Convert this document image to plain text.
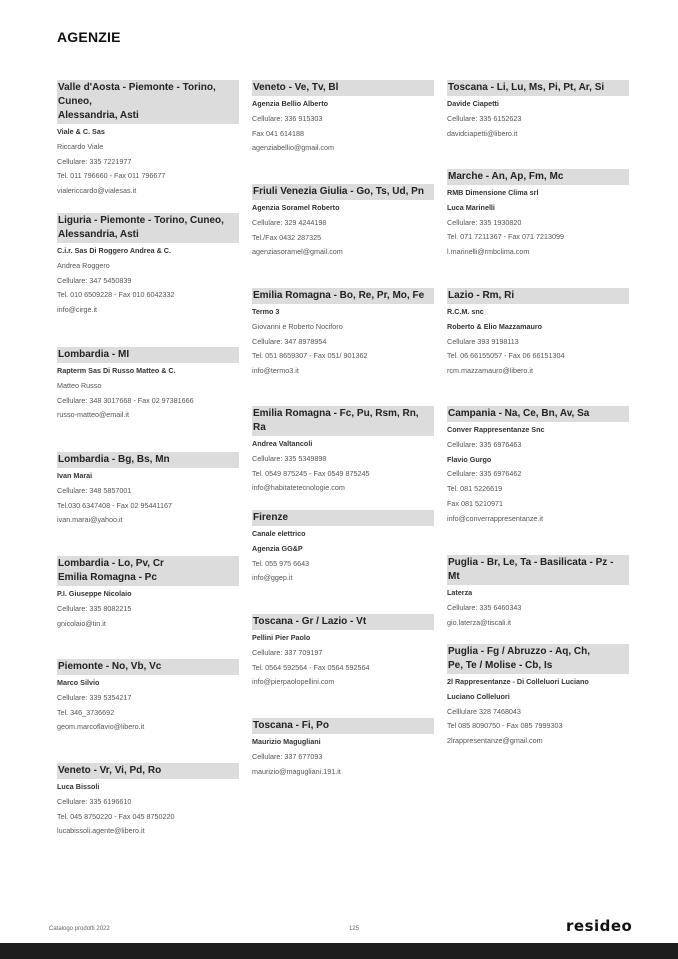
AGENZIE
Valle d'Aosta - Piemonte - Torino, Cuneo,
Alessandria, Asti
Viale & C. Sas
Riccardo Viale
Cellulare: 335 7221977
Tel. 011 796660 - Fax 011 796677
vialericcardo@vialesas.it
Liguria - Piemonte - Torino, Cuneo,
Alessandria, Asti
C.i.r. Sas Di Roggero Andrea & C.
Andrea Roggero
Cellulare: 347 5450839
Tel. 010 6509228 - Fax 010 6042332
info@cirge.it
Lombardia - MI
Rapterm Sas Di Russo Matteo & C.
Matteo Russo
Cellulare: 348 3017668 - Fax 02 97381666
russo-matteo@email.it
Lombardia - Bg, Bs, Mn
Ivan Marai
Cellulare: 348 5857001
Tel.030 6347408 - Fax 02 95441167
ivan.marai@yahoo.it
Lombardia - Lo, Pv, Cr
Emilia Romagna - Pc
P.I. Giuseppe Nicolaio
Cellulare: 335 8082215
gnicolaio@tin.it
Piemonte - No, Vb, Vc
Marco Silvio
Cellulare: 339 5354217
Tel. 346_3736692
geom.marcoflavio@libero.it
Veneto - Vr, Vi, Pd, Ro
Luca Bissoli
Cellulare: 335 6196610
Tel. 045 8750220 - Fax 045 8750220
lucabissoli.agente@libero.it
Veneto - Ve, Tv, Bl
Agenzia Bellio Alberto
Cellulare: 336 915303
Fax 041 614188
agenziabellio@gmail.com
Friuli Venezia Giulia - Go, Ts, Ud, Pn
Agenzia Soramel Roberto
Cellulare: 329 4244198
Tel./Fax 0432 287325
agenziasoramel@gmail.com
Emilia Romagna - Bo, Re, Pr, Mo, Fe
Termo 3
Giovanni e Roberto Nociforo
Cellulare: 347 8978954
Tel. 051 8659307 - Fax 051/ 901362
info@termo3.it
Emilia Romagna - Fc, Pu, Rsm, Rn, Ra
Andrea Valtancoli
Cellulare: 335 5349898
Tel. 0549 875245 - Fax 0549 875245
info@habitatetecnologie.com
Firenze
Canale elettrico
Agenzia GG&P
Tel. 055 975 6643
info@ggep.it
Toscana - Gr / Lazio - Vt
Pellini Pier Paolo
Cellulare: 337 709197
Tel. 0564 592564 - Fax 0564 592564
info@pierpaolopellini.com
Toscana - Fi, Po
Maurizio Magugliani
Cellulare: 337 677093
maurizio@magugliani.191.it
Toscana - Li, Lu, Ms, Pi, Pt, Ar, Si
Davide Ciapetti
Cellulare: 335 6152623
davidciapetti@libero.it
Marche - An, Ap, Fm, Mc
RMB Dimensione Clima srl
Luca Marinelli
Cellulare: 335 1930820
Tel. 071 7211367 - Fax 071 7213099
l.marinelli@rmbclima.com
Lazio - Rm, Ri
R.C.M. snc
Roberto & Elio Mazzamauro
Cellulare 393 9198113
Tel. 06 66155057 - Fax 06 66151304
rcm.mazzamauro@libero.it
Campania - Na, Ce, Bn, Av, Sa
Conver Rappresentanze Snc
Cellulare: 335 6976463
Flavio Gurgo
Cellulare: 335 6976462
Tel. 081 5226619
Fax 081 5210971
info@converrappresentanze.it
Puglia - Br, Le, Ta - Basilicata - Pz - Mt
Laterza
Cellulare: 335 6460343
gio.laterza@tiscali.it
Puglia - Fg / Abruzzo - Aq, Ch,
Pe, Te / Molise - Cb, Is
2l Rappresentanze - Di Colleluori Luciano
Luciano Colleluori
Celllulare 328 7468043
Tel 085 8090750 - Fax 085 7999303
2lrappresentanze@gmail.com
Catalogo prodotti 2022	125	resideo
